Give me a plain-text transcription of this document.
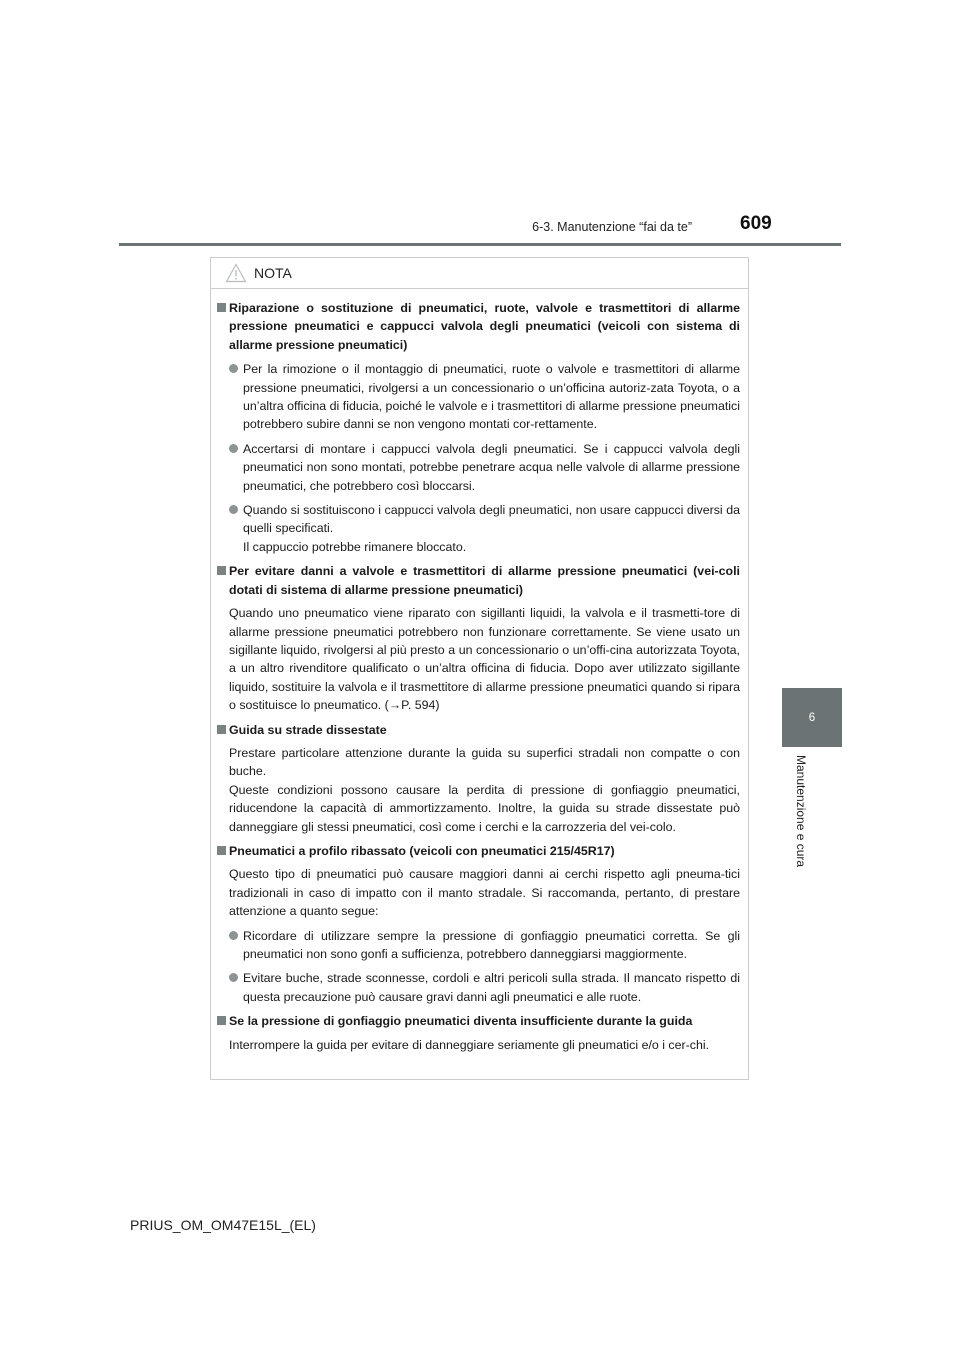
6-3. Manutenzione “fai da te”	609
6
Manutenzione e cura
NOTA
Riparazione o sostituzione di pneumatici, ruote, valvole e trasmettitori di allarme pressione pneumatici e cappucci valvola degli pneumatici (veicoli con sistema di allarme pressione pneumatici)
Per la rimozione o il montaggio di pneumatici, ruote o valvole e trasmettitori di allarme pressione pneumatici, rivolgersi a un concessionario o un’officina autoriz-zata Toyota, o a un’altra officina di fiducia, poiché le valvole e i trasmettitori di allarme pressione pneumatici potrebbero subire danni se non vengono montati cor-rettamente.
Accertarsi di montare i cappucci valvola degli pneumatici. Se i cappucci valvola degli pneumatici non sono montati, potrebbe penetrare acqua nelle valvole di allarme pressione pneumatici, che potrebbero così bloccarsi.
Quando si sostituiscono i cappucci valvola degli pneumatici, non usare cappucci diversi da quelli specificati.
Il cappuccio potrebbe rimanere bloccato.
Per evitare danni a valvole e trasmettitori di allarme pressione pneumatici (vei-coli dotati di sistema di allarme pressione pneumatici)
Quando uno pneumatico viene riparato con sigillanti liquidi, la valvola e il trasmetti-tore di allarme pressione pneumatici potrebbero non funzionare correttamente. Se viene usato un sigillante liquido, rivolgersi al più presto a un concessionario o un’offi-cina autorizzata Toyota, a un altro rivenditore qualificato o un’altra officina di fiducia. Dopo aver utilizzato sigillante liquido, sostituire la valvola e il trasmettitore di allarme pressione pneumatici quando si ripara o sostituisce lo pneumatico. (→P. 594)
Guida su strade dissestate
Prestare particolare attenzione durante la guida su superfici stradali non compatte o con buche.
Queste condizioni possono causare la perdita di pressione di gonfiaggio pneumatici, riducendone la capacità di ammortizzamento. Inoltre, la guida su strade dissestate può danneggiare gli stessi pneumatici, così come i cerchi e la carrozzeria del vei-colo.
Pneumatici a profilo ribassato (veicoli con pneumatici 215/45R17)
Questo tipo di pneumatici può causare maggiori danni ai cerchi rispetto agli pneuma-tici tradizionali in caso di impatto con il manto stradale. Si raccomanda, pertanto, di prestare attenzione a quanto segue:
Ricordare di utilizzare sempre la pressione di gonfiaggio pneumatici corretta. Se gli pneumatici non sono gonfi a sufficienza, potrebbero danneggiarsi maggiormente.
Evitare buche, strade sconnesse, cordoli e altri pericoli sulla strada. Il mancato rispetto di questa precauzione può causare gravi danni agli pneumatici e alle ruote.
Se la pressione di gonfiaggio pneumatici diventa insufficiente durante la guida
Interrompere la guida per evitare di danneggiare seriamente gli pneumatici e/o i cer-chi.
PRIUS_OM_OM47E15L_(EL)
